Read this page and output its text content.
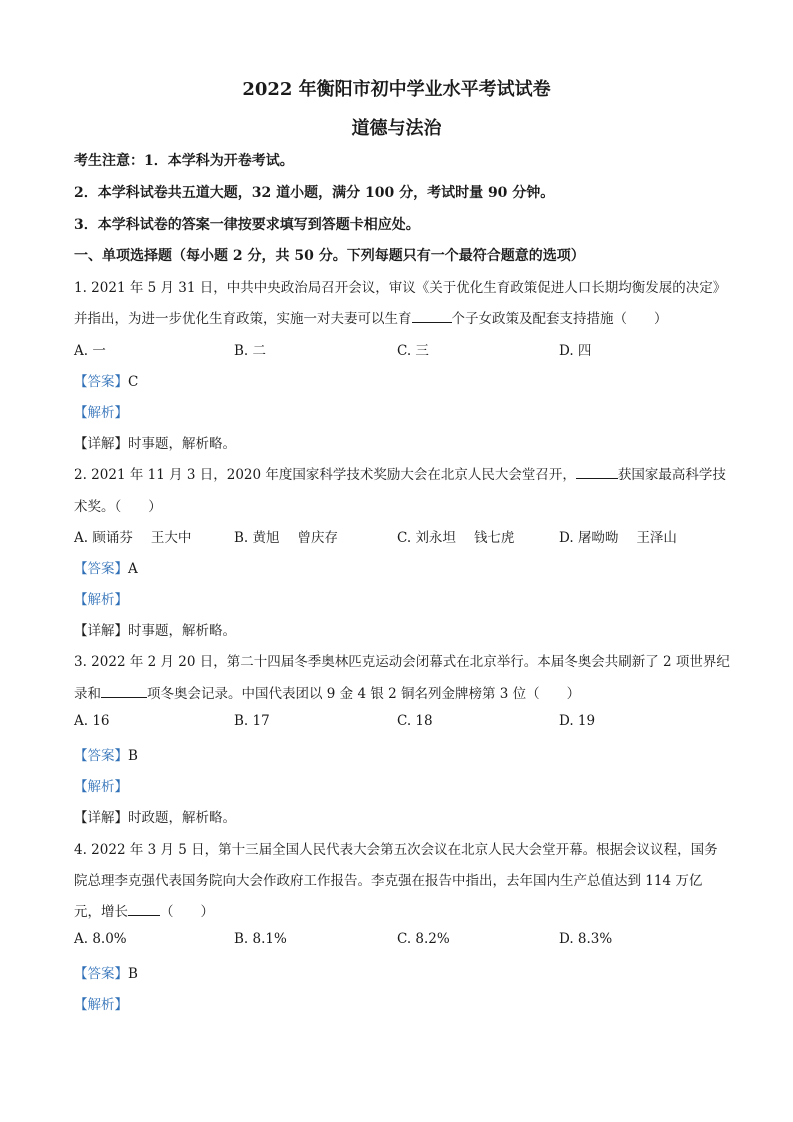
2022 年衡阳市初中学业水平考试试卷
道德与法治
考生注意：1．本学科为开卷考试。
2．本学科试卷共五道大题，32 道小题，满分 100 分，考试时量 90 分钟。
3．本学科试卷的答案一律按要求填写到答题卡相应处。
一、单项选择题（每小题 2 分，共 50 分。下列每题只有一个最符合题意的选项）
1. 2021 年 5 月 31 日，中共中央政治局召开会议，审议《关于优化生育政策促进人口长期均衡发展的决定》
并指出，为进一步优化生育政策，实施一对夫妻可以生育	个子女政策及配套支持措施（　　）
A. 一	B. 二	C. 三	D. 四
【答案】C
【解析】
【详解】时事题，解析略。
2. 2021 年 11 月 3 日，2020 年度国家科学技术奖励大会在北京人民大会堂召开，	获国家最高科学技
术奖。（　　）
A. 顾诵芬 王大中	B. 黄旭 曾庆存	C. 刘永坦 钱七虎	D. 屠呦呦 王泽山
【答案】A
【解析】
【详解】时事题，解析略。
3. 2022 年 2 月 20 日，第二十四届冬季奥林匹克运动会闭幕式在北京举行。本届冬奥会共刷新了 2 项世界纪
录和	项冬奥会记录。中国代表团以 9 金 4 银 2 铜名列金牌榜第 3 位（　　）
A. 16	B. 17	C. 18	D. 19
【答案】B
【解析】
【详解】时政题，解析略。
4. 2022 年 3 月 5 日，第十三届全国人民代表大会第五次会议在北京人民大会堂开幕。根据会议议程，国务
院总理李克强代表国务院向大会作政府工作报告。李克强在报告中指出，去年国内生产总值达到 114 万亿
元，增长 （　　）
A. 8.0%	B. 8.1%	C. 8.2%	D. 8.3%
【答案】B
【解析】
